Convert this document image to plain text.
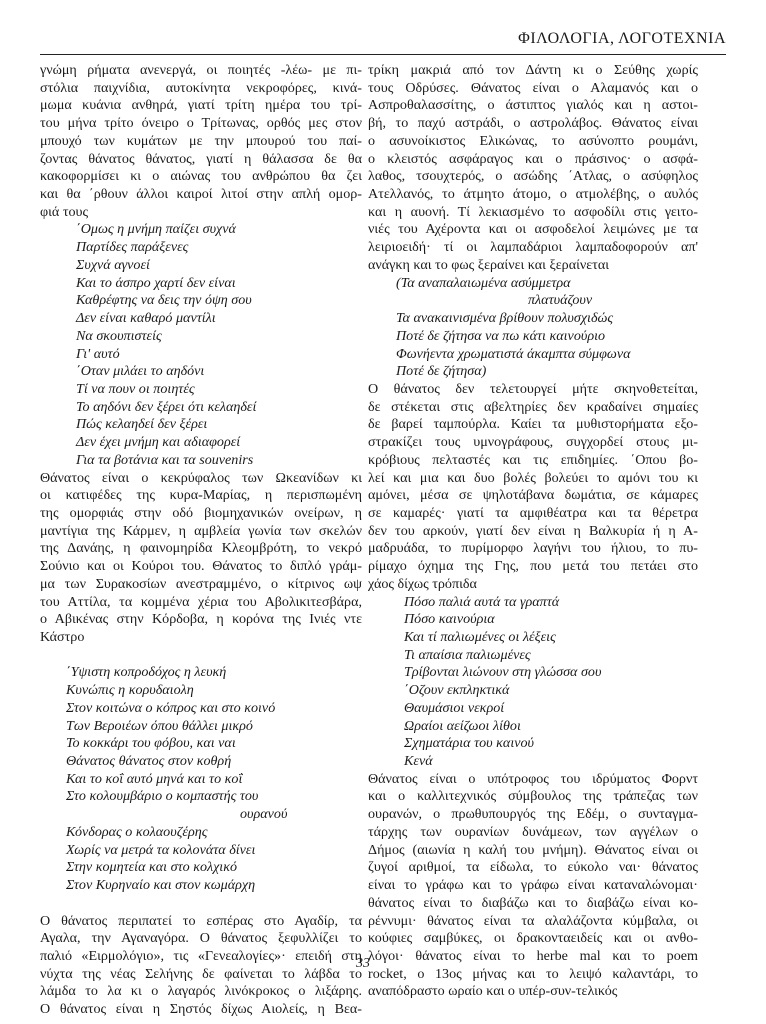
ΦΙΛΟΛΟΓΙΑ, ΛΟΓΟΤΕΧΝΙΑ
γνώμη ρήματα ανενεργά, οι ποιητές -λέω- με πι-
στόλια παιχνίδια, αυτοκίνητα νεκροφόρες, κινά-
μωμα κυάνια ανθηρά, γιατί τρίτη ημέρα του τρί-
του μήνα τρίτο όνειρο ο Τρίτωνας, ορθός μες στον
μπουχό των κυμάτων με την μπουρού του παί-
ζοντας θάνατος θάνατος, γιατί η θάλασσα δε θα
κακοφορμίσει κι ο αιώνας του ανθρώπου θα ζει
και θα ΄ρθουν άλλοι καιροί λιτοί στην απλή ομορ-
φιά τους
΄Ομως η μνήμη παίζει συχνά
Παρτίδες παράξενες
Συχνά αγνοεί
Και το άσπρο χαρτί δεν είναι
Καθρέφτης να δεις την όψη σου
Δεν είναι καθαρό μαντίλι
Να σκουπιστείς
Γι' αυτό
΄Οταν μιλάει το αηδόνι
Τί να πουν οι ποιητές
Το αηδόνι δεν ξέρει ότι κελαηδεί
Πώς κελαηδεί δεν ξέρει
Δεν έχει μνήμη και αδιαφορεί
Για τα βοτάνια και τα souvenirs
Θάνατος είναι ο κεκρύφαλος των Ωκεανίδων κι
οι κατιφέδες της κυρα-Μαρίας, η περισπωμένη
της ομορφιάς στην οδό βιομηχανικών ονείρων, η
μαντίγια της Κάρμεν, η αμβλεία γωνία των σκελών
της Δανάης, η φαινομηρίδα Κλεομβρότη, το νεκρό
Σούνιο και οι Κούροι του. Θάνατος το διπλό γράμ-
μα των Συρακοσίων ανεστραμμένο, ο κίτρινος ωψ
του Αττίλα, τα κομμένα χέρια του Αβολικιτεσβάρα,
ο Αβικένας στην Κόρδοβα, η κορόνα της Ινιές ντε
Κάστρο
΄Υψιστη κοπροδόχος η λευκή
Κυνώπις η κορυδαιολη
Στον κοιτώνα ο κόπρος και στο κοινό
Των Βεροιέων όπου θάλλει μικρό
Το κοκκάρι του φόβου, και ναι
Θάνατος θάνατος στον κοθρή
Και το κοΐ αυτό μηνά και το κοΐ
Στο κολουμβάριο ο κομπαστής του
ουρανού
Κόνδορας ο κολαουζέρης
Χωρίς να μετρά τα κολονάτα δίνει
Στην κομητεία και στο κολχικό
Στον Κυρηναίο και στον κωμάρχη
Ο θάνατος περιπατεί το εσπέρας στο Αγαδίρ, τα
Αγαλα, την Αγαναγόρα. Ο θάνατος ξεφυλλίζει το
παλιό «Ειρμολόγιο», τις «Γενεαλογίες»· επειδή στη
νύχτα της νέας Σελήνης δε φαίνεται το λάβδα το
λάμδα το λα κι ο λαγαρός λινόκροκος ο λιξάρης.
Ο θάνατος είναι η Σηστός δίχως Αιολείς, η Βεα-
τρίκη μακριά από τον Δάντη κι ο Σεύθης χωρίς
τους Οδρύσες. Θάνατος είναι ο Αλαμανός και ο
Ασπροθαλασσίτης, ο άστιπτος γιαλός και η αστοι-
βή, το παχύ αστράδι, ο αστρολάβος. Θάνατος είναι
ο ασυνοίκιστος Ελικώνας, το ασύνοπτο ρουμάνι,
ο κλειστός ασφάραγος και ο πράσινος· ο ασφά-
λαθος, τσουχτερός, ο ασώδης ΄Ατλας, ο ασύφηλος
Ατελλανός, το άτμητο άτομο, ο ατμολέβης, ο αυλός
και η αυονή. Τί λεκιασμένο το ασφοδίλι στις γειτο-
νιές του Αχέροντα και οι ασφοδελοί λειμώνες με τα
λειριοειδή· τί οι λαμπαδάριοι λαμπαδοφορούν απ'
ανάγκη και το φως ξεραίνει και ξεραίνεται
(Τα αναπαλαιωμένα ασύμμετρα
πλατυάζουν
Τα ανακαινισμένα βρίθουν πολυσχιδώς
Ποτέ δε ζήτησα να πω κάτι καινούριο
Φωνήεντα χρωματιστά άκαμπτα σύμφωνα
Ποτέ δε ζήτησα)
Ο θάνατος δεν τελετουργεί μήτε σκηνοθετείται,
δε στέκεται στις αβελτηρίες δεν κραδαίνει σημαίες
δε βαρεί ταμπούρλα. Καίει τα μυθιστορήματα εξο-
στρακίζει τους υμνογράφους, συγχορδεί στους μι-
κρόβιους πελταστές και τις επιδημίες. ΄Οπου βο-
λεί και μια και δυο βολές βολεύει το αμόνι του κι
αμόνει, μέσα σε ψηλοτάβανα δωμάτια, σε κάμαρες
σε καμαρές· γιατί τα αμφιθέατρα και τα θέρετρα
δεν του αρκούν, γιατί δεν είναι η Βαλκυρία ή η Α-
μαδρυάδα, το πυρίμορφο λαγήνι του ήλιου, το πυ-
ρίμαχο όχημα της Γης, που μετά του πετάει στο
χάος δίχως τρόπιδα
Πόσο παλιά αυτά τα γραπτά
Πόσο καινούρια
Και τί παλιωμένες οι λέξεις
Τι απαίσια παλιωμένες
Τρίβονται λιώνουν στη γλώσσα σου
΄Οζουν εκπληκτικά
Θαυμάσιοι νεκροί
Ωραίοι αείζωοι λίθοι
Σχηματάρια του καινού
Κενά
Θάνατος είναι ο υπότροφος του ιδρύματος Φορντ
και ο καλλιτεχνικός σύμβουλος της τράπεζας των
ουρανών, ο πρωθυπουργός της Εδέμ, ο συνταγμα-
τάρχης των ουρανίων δυνάμεων, των αγγέλων ο
Δήμος (αιωνία η καλή του μνήμη). Θάνατος είναι οι
ζυγοί αριθμοί, τα είδωλα, το εύκολο ναι· θάνατος
είναι το γράφω και το γράφω είναι καταναλώνομαι·
θάνατος είναι το διαβάζω και το διαβάζω είναι κο-
ρέννυμι· θάνατος είναι τα αλαλάζοντα κύμβαλα, οι
κούφιες σαμβύκες, οι δρακονταειδείς και οι ανθο-
λόγοι· θάνατος είναι το herbe mal και το poem
rocket, ο 13ος μήνας και το λειψό καλαντάρι, το
αναπόδραστο ωραίο και ο υπέρ-συν-τελικός
33
